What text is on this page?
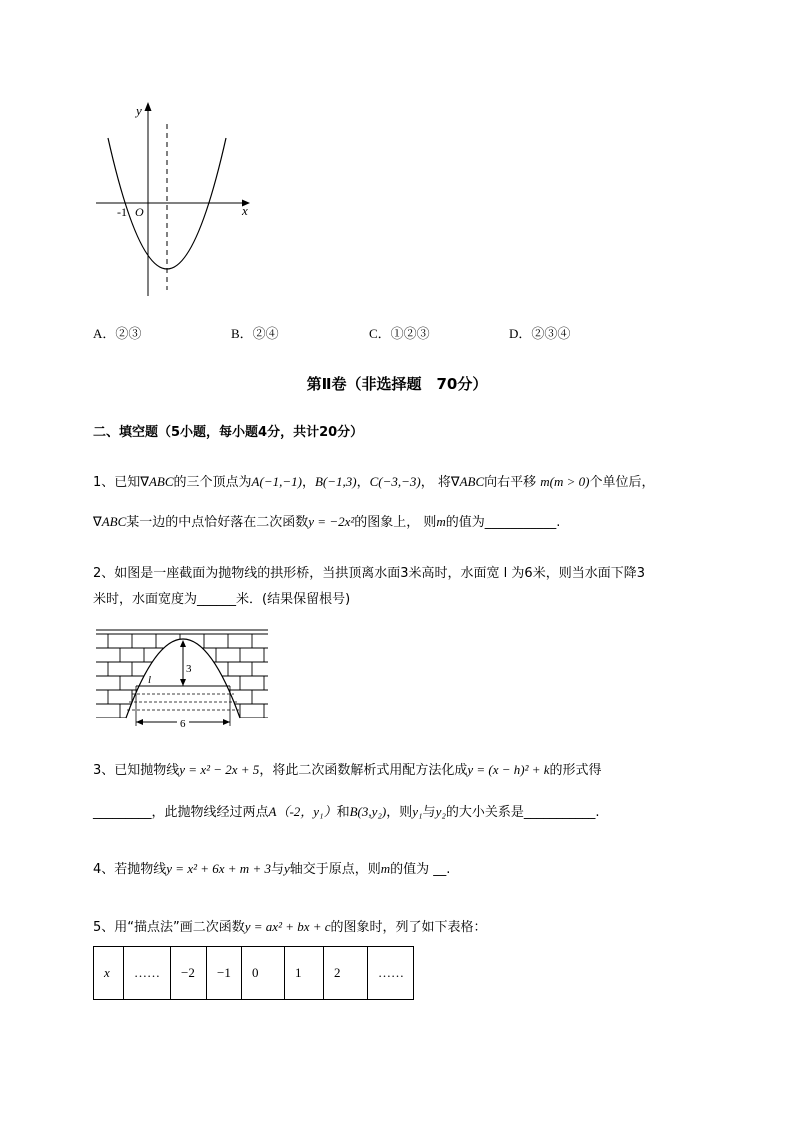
y
x
-1 O
A．②③	B．②④	C．①②③	D．②③④
第Ⅱ卷（非选择题　70分）
二、填空题（5小题，每小题4分，共计20分）
1、已知∇ABC的三个顶点为A(−1,−1)，B(−1,3)，C(−3,−3)， 将∇ABC向右平移 m(m > 0)个单位后，
∇ABC某一边的中点恰好落在二次函数y = −2x²的图象上， 则m的值为___________.
2、如图是一座截面为抛物线的拱形桥，当拱顶离水面3米高时，水面宽 l 为6米，则当水面下降3
米时，水面宽度为______米．(结果保留根号)
3
l
6
3、已知抛物线y = x² − 2x + 5，将此二次函数解析式用配方法化成y = (x − h)² + k的形式得
_________，此抛物线经过两点A（-2，y₁）和B(3,y₂)，则y₁与y₂的大小关系是___________.
4、若抛物线y = x² + 6x + m + 3与y轴交于原点，则m的值为 __.
5、用“描点法”画二次函数y = ax² + bx + c的图象时，列了如下表格：
x	……	−2	−1	0	1	2	……
